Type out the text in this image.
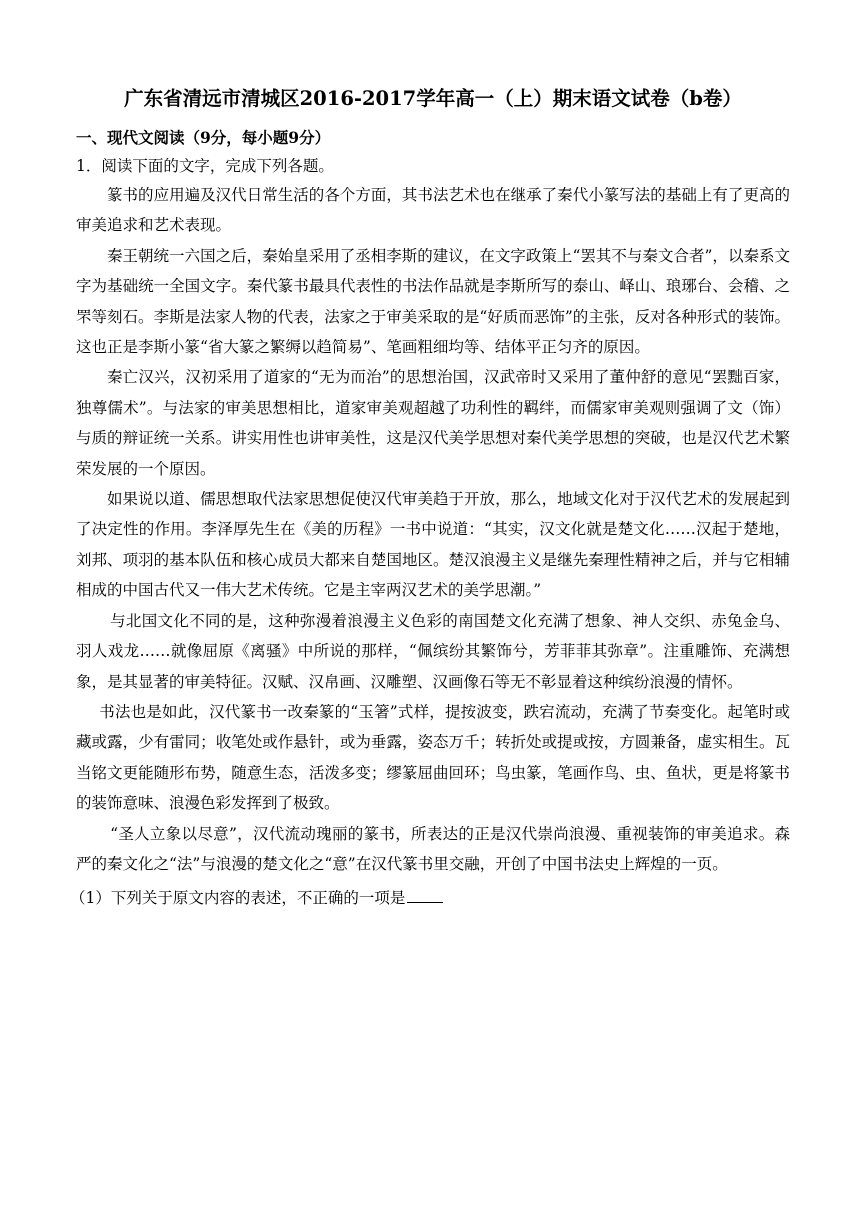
广东省清远市清城区2016-2017学年高一（上）期末语文试卷（b卷）

一、现代文阅读（9分，每小题9分）

1．阅读下面的文字，完成下列各题。

篆书的应用遍及汉代日常生活的各个方面，其书法艺术也在继承了秦代小篆写法的基础上有了更高的审美追求和艺术表现。

秦王朝统一六国之后，秦始皇采用了丞相李斯的建议，在文字政策上“罢其不与秦文合者”，以秦系文字为基础统一全国文字。秦代篆书最具代表性的书法作品就是李斯所写的泰山、峄山、琅琊台、会稽、之罘等刻石。李斯是法家人物的代表，法家之于审美采取的是“好质而恶饰”的主张，反对各种形式的装饰。这也正是李斯小篆“省大篆之繁缛以趋简易”、笔画粗细均等、结体平正匀齐的原因。

秦亡汉兴，汉初采用了道家的“无为而治”的思想治国，汉武帝时又采用了董仲舒的意见“罢黜百家，独尊儒术”。与法家的审美思想相比，道家审美观超越了功利性的羁绊，而儒家审美观则强调了文（饰）与质的辩证统一关系。讲实用性也讲审美性，这是汉代美学思想对秦代美学思想的突破，也是汉代艺术繁荣发展的一个原因。

如果说以道、儒思想取代法家思想促使汉代审美趋于开放，那么，地域文化对于汉代艺术的发展起到了决定性的作用。李泽厚先生在《美的历程》一书中说道：“其实，汉文化就是楚文化……汉起于楚地，刘邦、项羽的基本队伍和核心成员大都来自楚国地区。楚汉浪漫主义是继先秦理性精神之后，并与它相辅相成的中国古代又一伟大艺术传统。它是主宰两汉艺术的美学思潮。”

与北国文化不同的是，这种弥漫着浪漫主义色彩的南国楚文化充满了想象、神人交织、赤兔金乌、羽人戏龙……就像屈原《离骚》中所说的那样，“佩缤纷其繁饰兮，芳菲菲其弥章”。注重雕饰、充满想象，是其显著的审美特征。汉赋、汉帛画、汉雕塑、汉画像石等无不彰显着这种缤纷浪漫的情怀。

书法也是如此，汉代篆书一改秦篆的“玉箸”式样，提按波变，跌宕流动，充满了节奏变化。起笔时或藏或露，少有雷同；收笔处或作悬针，或为垂露，姿态万千；转折处或提或按，方圆兼备，虚实相生。瓦当铭文更能随形布势，随意生态，活泼多变；缪篆屈曲回环；鸟虫篆，笔画作鸟、虫、鱼状，更是将篆书的装饰意味、浪漫色彩发挥到了极致。

“圣人立象以尽意”，汉代流动瑰丽的篆书，所表达的正是汉代崇尚浪漫、重视装饰的审美追求。森严的秦文化之“法”与浪漫的楚文化之“意”在汉代篆书里交融，开创了中国书法史上辉煌的一页。

（1）下列关于原文内容的表述，不正确的一项是
